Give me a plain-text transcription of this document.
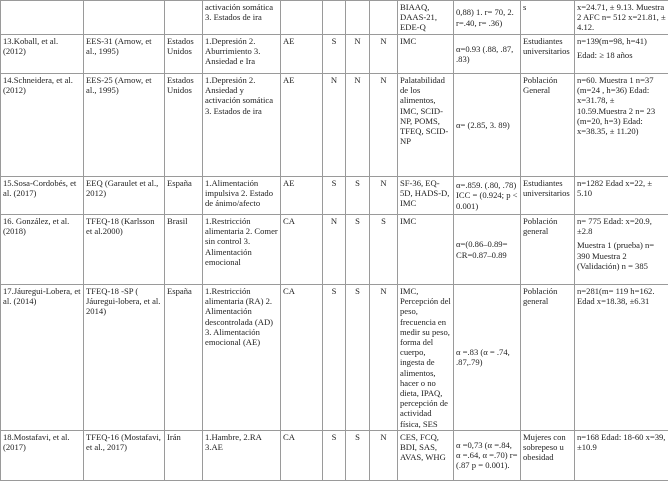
			activación somática 3. Estados de ira					BIAAQ, DAAS-21, EDE-Q	0,88) 1. r= 70, 2. r=.40, r= .36)	s	x=24.71, ± 9.13. Muestra 2 AFC n= 512 x=21.81, ± 4.12.

13.Koball, et al. (2012)	EES-31 (Arnow, et al., 1995)	Estados Unidos	1.Depresión 2. Aburrimiento 3. Ansiedad e Ira	AE	S	N	N	IMC	α=0.93 (.88, .87, .83)	Estudiantes universitarios	n=139(m=98, h=41)
Edad: ≥ 18 años

14.Schneidera, et al. (2012)	EES-25 (Arnow, et al., 1995)	Estados Unidos	1.Depresión 2. Ansiedad y activación somática 3. Estados de ira	AE	N	N	N	Palatabilidad de los alimentos, IMC, SCID-NP, POMS, TFEQ, SCID-NP	α= (2.85, 3. 89)	Población General	n=60. Muestra 1 n=37 (m=24 , h=36) Edad: x=31.78, ± 10.59.Muestra 2 n= 23 (m=20, h=3) Edad: x=38.35, ± 11.20)

15.Sosa-Cordobés, et al. (2017)	EEQ (Garaulet et al., 2012)	España	1.Alimentación impulsiva 2. Estado de ánimo/afecto	AE	S	S	N	SF-36, EQ-5D, HADS-D, IMC	α=.859. (.80, .78) ICC = (0.924; p < 0.001)	Estudiantes universitarios	n=1282 Edad x=22, ± 5.10

16. González, et al. (2018)	TFEQ-18 (Karlsson et al.2000)	Brasil	1.Restricción alimentaria 2. Comer sin control 3. Alimentación emocional	CA	N	S	S	IMC	α=(0.86–0.89= CR=0.87–0.89	Población general	n= 775 Edad: x=20.9, ±2.8
Muestra 1 (prueba) n= 390 Muestra 2 (Validación) n = 385

17.Jáuregui-Lobera, et al. (2014)	TFEQ-18 -SP ( Jáuregui-lobera, et al. 2014)	España	1.Restricción alimentaria (RA) 2. Alimentación descontrolada (AD) 3. Alimentación emocional (AE)	CA	S	S	N	IMC, Percepción del peso, frecuencia en medir su peso, forma del cuerpo, ingesta de alimentos, hacer o no dieta, IPAQ, percepción de actividad física, SES	α =.83 (α = .74, .87,.79)	Población general	n=281(m= 119 h=162. Edad x=18.38, ±6.31

18.Mostafavi, et al. (2017)	TFEQ-16 (Mostafavi, et al., 2017)	Irán	1.Hambre, 2.RA 3.AE	CA	S	S	N	CES, FCQ, BDI, SAS, AVAS, WHG	α =0,73 (α =.84, α =.64, α =.70) r= (.87 p = 0.001).	Mujeres con sobrepeso u obesidad	n=168 Edad: 18-60 x=39, ±10.9
